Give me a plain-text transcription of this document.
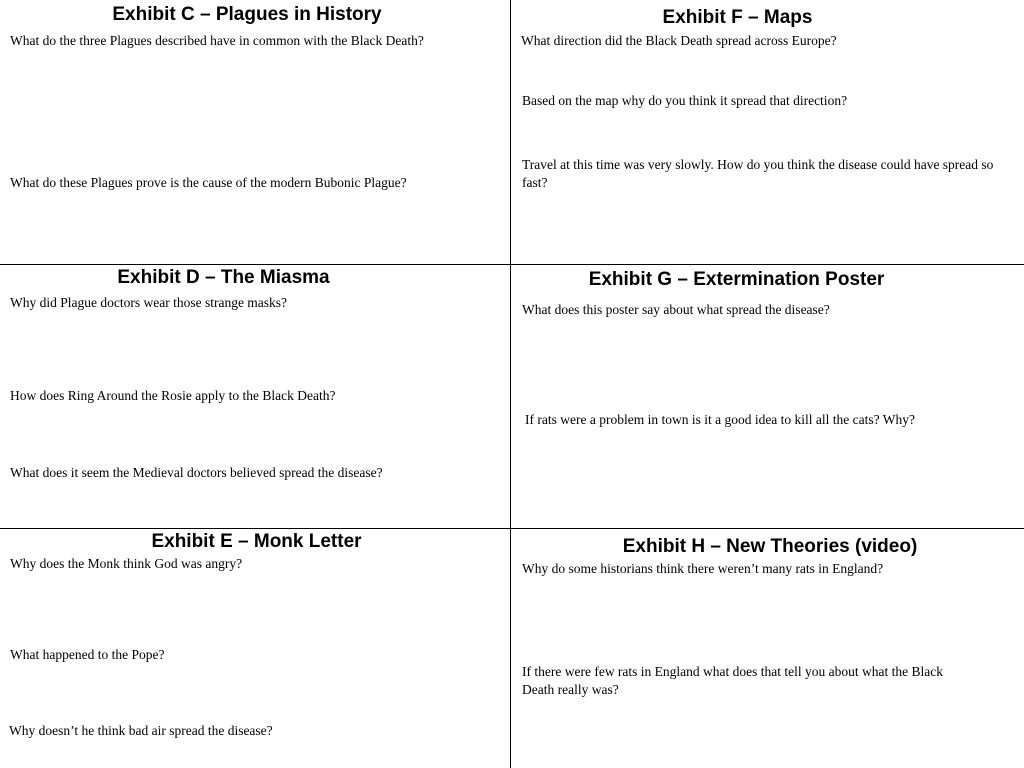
Exhibit C – Plagues in History

What do the three Plagues described have in common with the Black Death?

What do these Plagues prove is the cause of the modern Bubonic Plague?

Exhibit F – Maps

What direction did the Black Death spread across Europe?

Based on the map why do you think it spread that direction?

Travel at this time was very slowly. How do you think the disease could have spread so fast?

Exhibit D – The Miasma

Why did Plague doctors wear those strange masks?

How does Ring Around the Rosie apply to the Black Death?

What does it seem the Medieval doctors believed spread the disease?

Exhibit G – Extermination Poster

What does this poster say about what spread the disease?

If rats were a problem in town is it a good idea to kill all the cats? Why?

Exhibit E – Monk Letter

Why does the Monk think God was angry?

What happened to the Pope?

Why doesn’t he think bad air spread the disease?

Exhibit H – New Theories (video)

Why do some historians think there weren’t many rats in England?

If there were few rats in England what does that tell you about what the Black Death really was?
